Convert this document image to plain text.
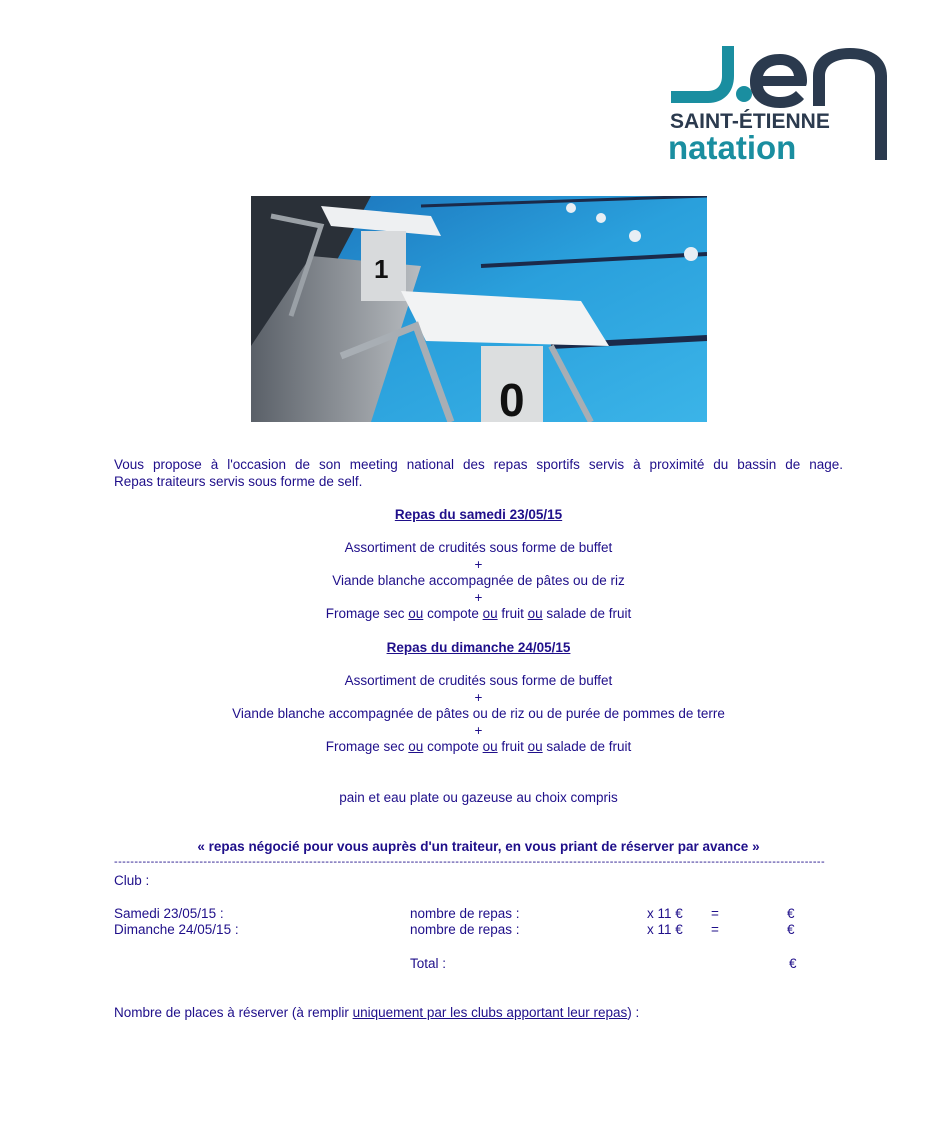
SAINT-ÉTIENNE
natation
1
0
Vous propose à l'occasion de son meeting national des repas sportifs servis à proximité du bassin de nage.
Repas traiteurs servis sous forme de self.
Repas du samedi 23/05/15
Assortiment de crudités sous forme de buffet
+
Viande blanche accompagnée de pâtes ou de riz
+
Fromage sec ou compote ou fruit ou salade de fruit
Repas du dimanche 24/05/15
Assortiment de crudités sous forme de buffet
+
Viande blanche accompagnée de pâtes ou de riz ou de purée de pommes de terre
+
Fromage sec ou compote ou fruit ou salade de fruit
pain et eau plate ou gazeuse au choix compris
« repas négocié pour vous auprès d'un traiteur, en vous priant de réserver par avance »
-------------------------------------------------------------------------------------------------------------------------------------------------------------------------------
Club :
Samedi 23/05/15 :	nombre de repas :	x 11 € =	€
Dimanche 24/05/15 :	nombre de repas :	x 11 € =	€
Total :	€
Nombre de places à réserver (à remplir uniquement par les clubs apportant leur repas) :
